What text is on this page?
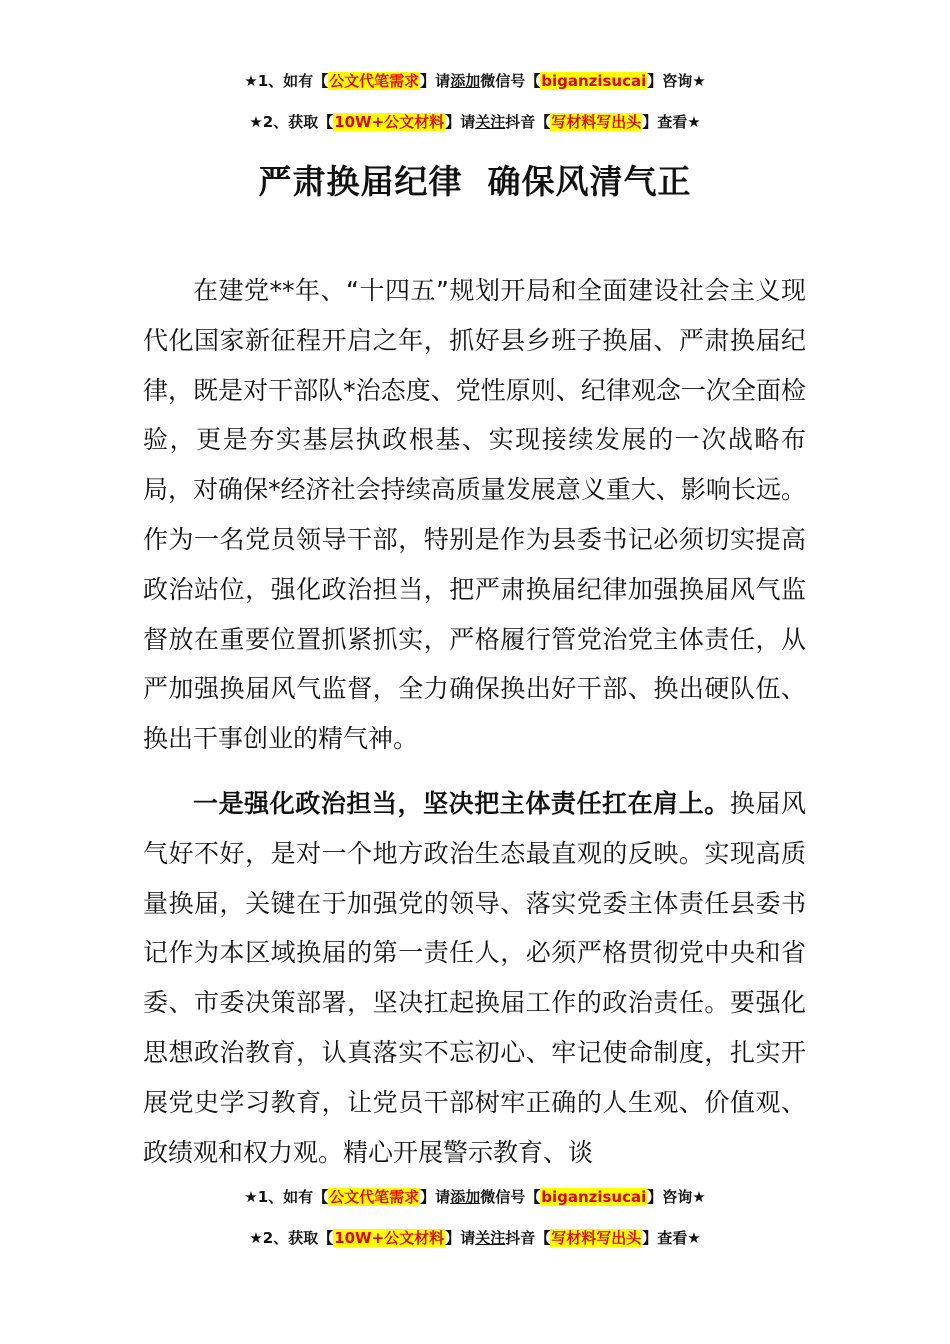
★1、如有【公文代笔需求】请添加微信号【biganzisucai】咨询★
★2、获取【10W+公文材料】请关注抖音【写材料写出头】查看★
严肃换届纪律  确保风清气正
在建党**年、“十四五”规划开局和全面建设社会主义现代化国家新征程开启之年，抓好县乡班子换届、严肃换届纪律，既是对干部队*治态度、党性原则、纪律观念一次全面检验，更是夯实基层执政根基、实现接续发展的一次战略布局，对确保*经济社会持续高质量发展意义重大、影响长远。作为一名党员领导干部，特别是作为县委书记必须切实提高政治站位，强化政治担当，把严肃换届纪律加强换届风气监督放在重要位置抓紧抓实，严格履行管党治党主体责任，从严加强换届风气监督，全力确保换出好干部、换出硬队伍、换出干事创业的精气神。
一是强化政治担当，坚决把主体责任扛在肩上。换届风气好不好，是对一个地方政治生态最直观的反映。实现高质量换届，关键在于加强党的领导、落实党委主体责任县委书记作为本区域换届的第一责任人，必须严格贯彻党中央和省委、市委决策部署，坚决扛起换届工作的政治责任。要强化思想政治教育，认真落实不忘初心、牢记使命制度，扎实开展党史学习教育，让党员干部树牢正确的人生观、价值观、政绩观和权力观。精心开展警示教育、谈
★1、如有【公文代笔需求】请添加微信号【biganzisucai】咨询★
★2、获取【10W+公文材料】请关注抖音【写材料写出头】查看★
